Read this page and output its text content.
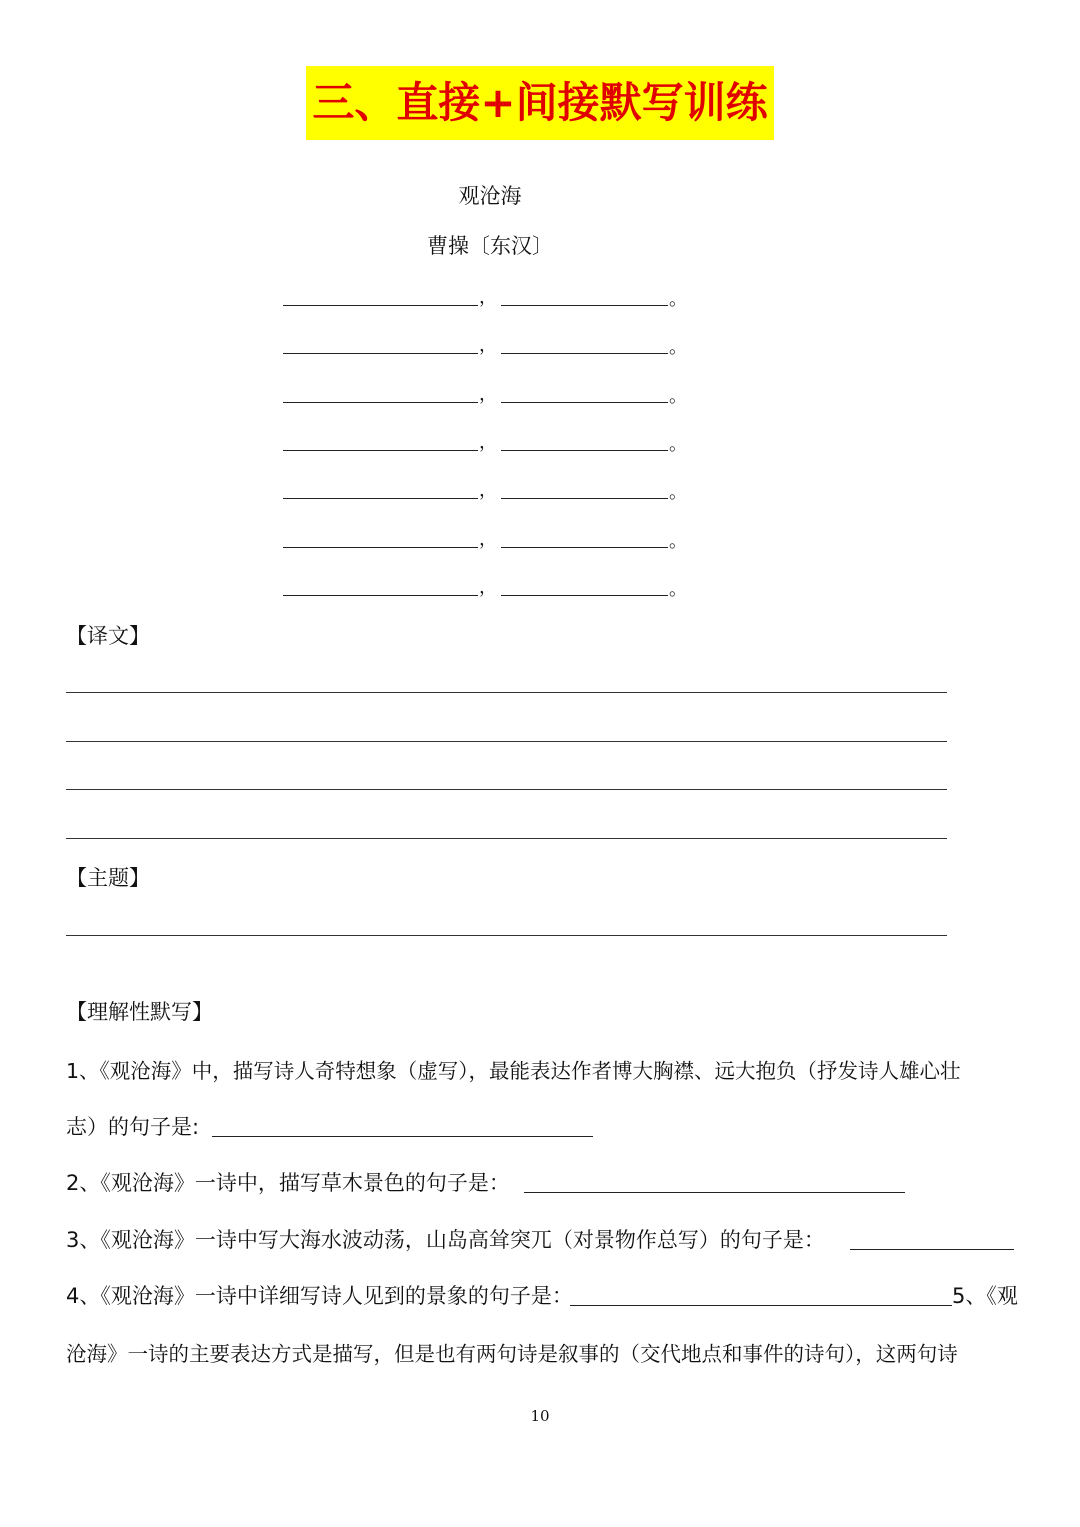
三、直接+间接默写训练
观沧海
曹操〔东汉〕
，	。
，	。
，	。
，	。
，	。
，	。
，	。
【译文】
【主题】
【理解性默写】
1、《观沧海》中，描写诗人奇特想象（虚写），最能表达作者博大胸襟、远大抱负（抒发诗人雄心壮
志）的句子是:
2、《观沧海》一诗中，描写草木景色的句子是：
3、《观沧海》一诗中写大海水波动荡，山岛高耸突兀（对景物作总写）的句子是：
4、《观沧海》一诗中详细写诗人见到的景象的句子是：	5、《观
沧海》一诗的主要表达方式是描写，但是也有两句诗是叙事的（交代地点和事件的诗句），这两句诗
10
